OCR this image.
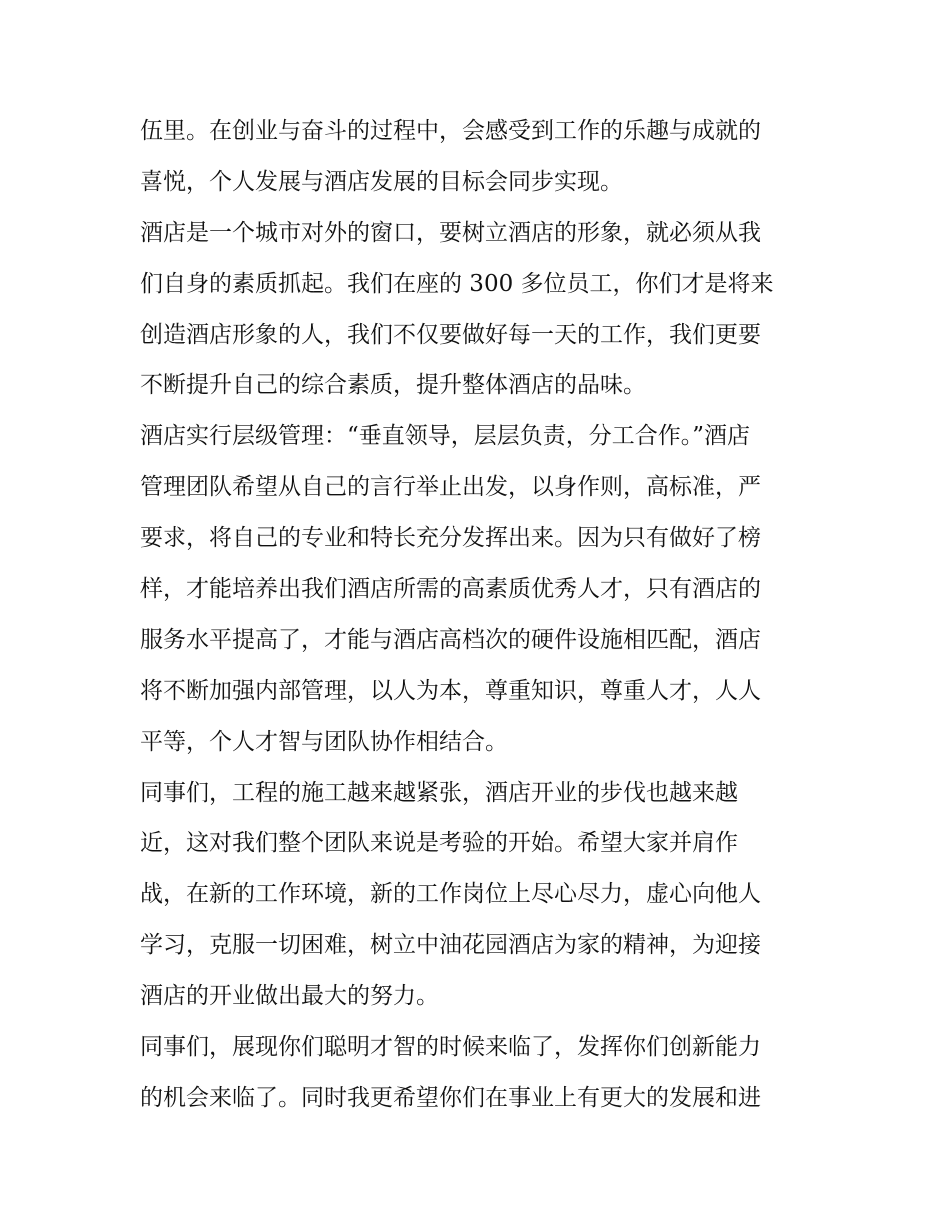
伍里。在创业与奋斗的过程中，会感受到工作的乐趣与成就的
喜悦，个人发展与酒店发展的目标会同步实现。
酒店是一个城市对外的窗口，要树立酒店的形象，就必须从我
们自身的素质抓起。我们在座的 300 多位员工，你们才是将来
创造酒店形象的人，我们不仅要做好每一天的工作，我们更要
不断提升自己的综合素质，提升整体酒店的品味。
酒店实行层级管理：“垂直领导，层层负责，分工合作。”酒店
管理团队希望从自己的言行举止出发，以身作则，高标准，严
要求，将自己的专业和特长充分发挥出来。因为只有做好了榜
样，才能培养出我们酒店所需的高素质优秀人才，只有酒店的
服务水平提高了，才能与酒店高档次的硬件设施相匹配，酒店
将不断加强内部管理，以人为本，尊重知识，尊重人才，人人
平等，个人才智与团队协作相结合。
同事们，工程的施工越来越紧张，酒店开业的步伐也越来越
近，这对我们整个团队来说是考验的开始。希望大家并肩作
战，在新的工作环境，新的工作岗位上尽心尽力，虚心向他人
学习，克服一切困难，树立中油花园酒店为家的精神，为迎接
酒店的开业做出最大的努力。
同事们，展现你们聪明才智的时候来临了，发挥你们创新能力
的机会来临了。同时我更希望你们在事业上有更大的发展和进
